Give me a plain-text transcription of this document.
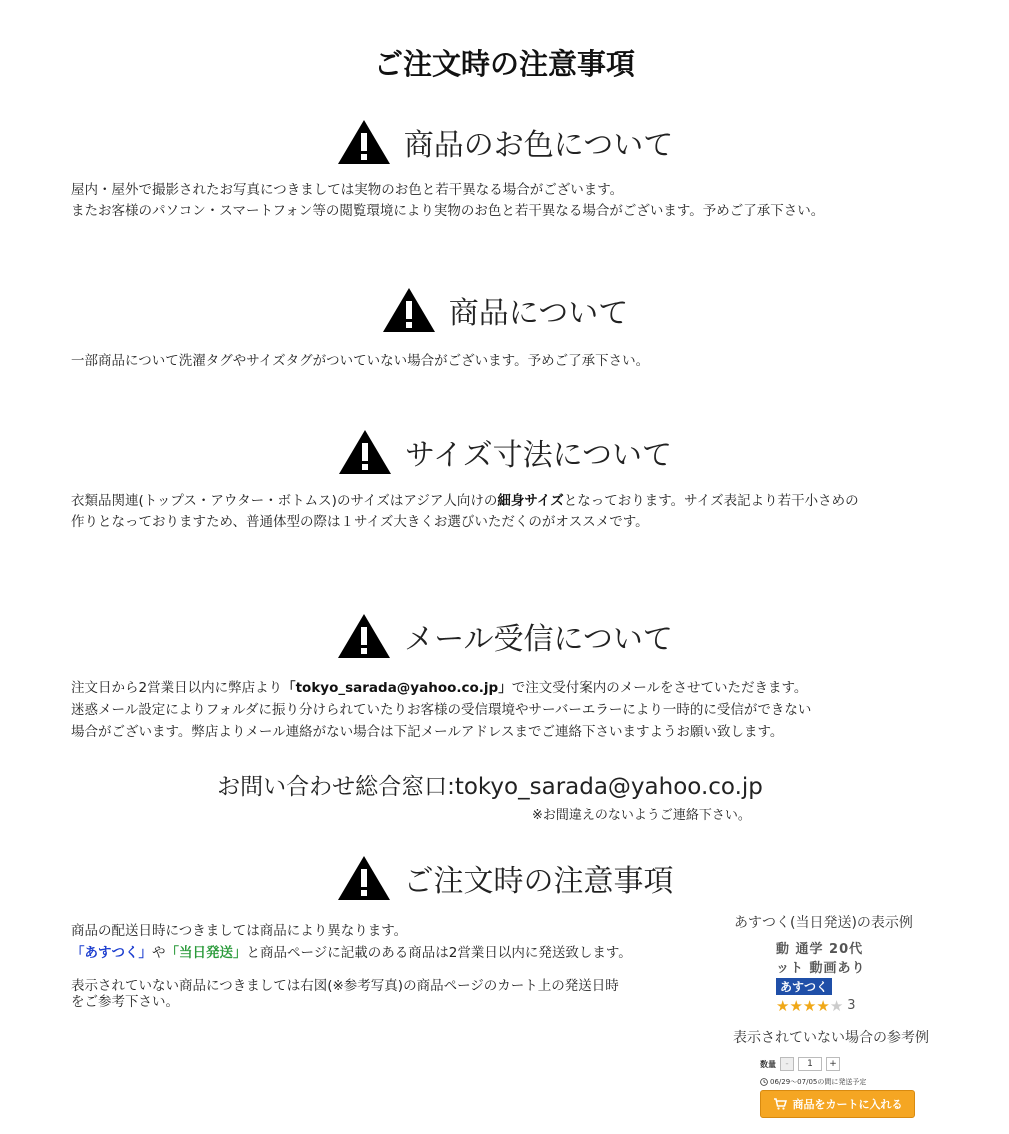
ご注文時の注意事項
商品のお色について
屋内・屋外で撮影されたお写真につきましては実物のお色と若干異なる場合がございます。
またお客様のパソコン・スマートフォン等の閲覧環境により実物のお色と若干異なる場合がございます。予めご了承下さい。
商品について
一部商品について洗濯タグやサイズタグがついていない場合がございます。予めご了承下さい。
サイズ寸法について
衣類品関連(トップス・アウター・ボトムス)のサイズはアジア人向けの細身サイズとなっております。サイズ表記より若干小さめの
作りとなっておりますため、普通体型の際は１サイズ大きくお選びいただくのがオススメです。
メール受信について
注文日から2営業日以内に弊店より「tokyo_sarada@yahoo.co.jp」で注文受付案内のメールをさせていただきます。
迷惑メール設定によりフォルダに振り分けられていたりお客様の受信環境やサーバーエラーにより一時的に受信ができない
場合がございます。弊店よりメール連絡がない場合は下記メールアドレスまでご連絡下さいますようお願い致します。
お問い合わせ総合窓口:tokyo_sarada@yahoo.co.jp
※お間違えのないようご連絡下さい。
ご注文時の注意事項
商品の配送日時につきましては商品により異なります。
「あすつく」や「当日発送」と商品ページに記載のある商品は2営業日以内に発送致します。
表示されていない商品につきましては右図(※参考写真)の商品ページのカート上の発送日時
をご参考下さい。
あすつく(当日発送)の表示例
動 通学 20代
ット 動画あり
あすつく
★ ★ ★ ★ ★ 3
表示されていない場合の参考例
数量	-	1	+
06/29〜07/05の間に発送予定
商品をカートに入れる
